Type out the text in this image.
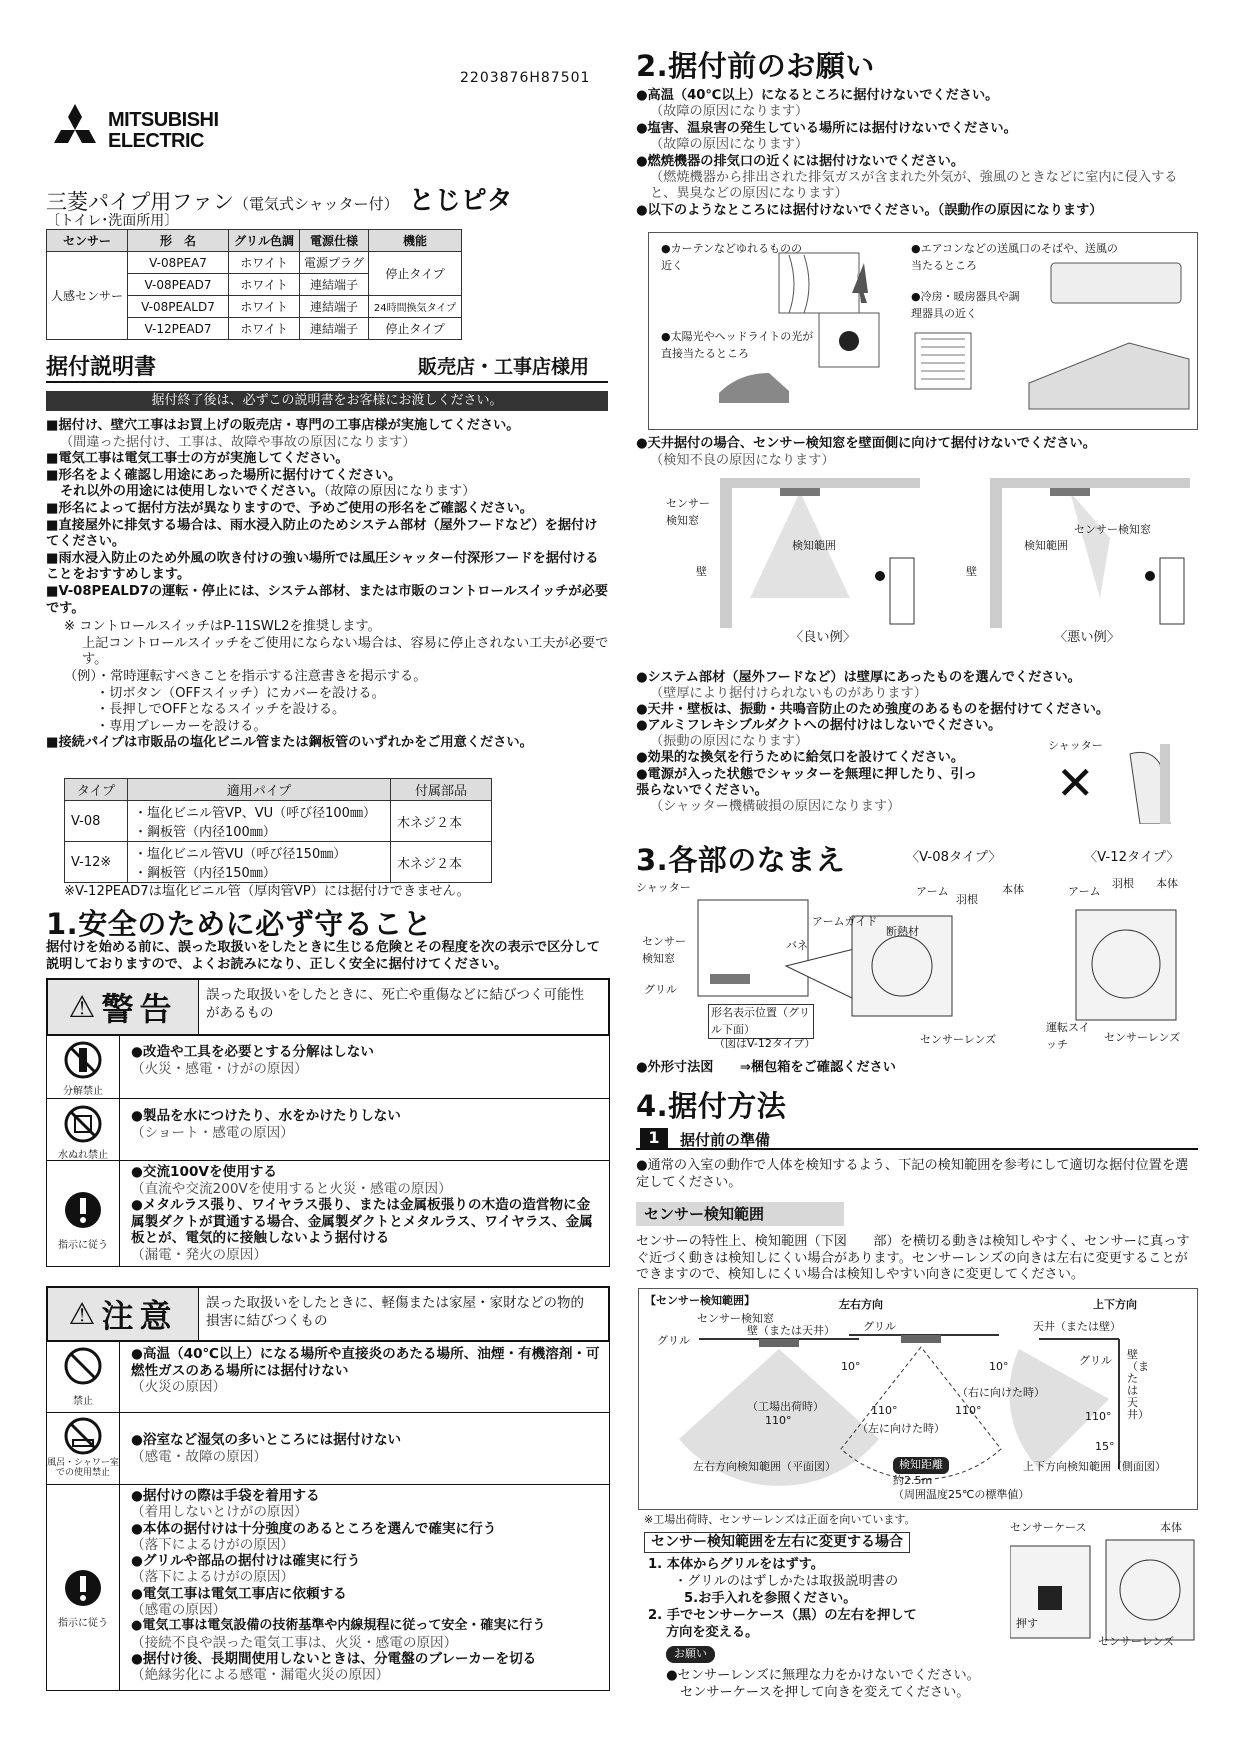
2203876H87501
MITSUBISHI
ELECTRIC
三菱パイプ用ファン（電気式シャッター付） とじピタ
〔トイレ･洗面所用〕
センサー	形　名	グリル色調	電源仕様	機能
人感センサー	V-08PEA7	ホワイト	電源プラグ	停止タイプ
	V-08PEAD7	ホワイト	連結端子	
	V-08PEALD7	ホワイト	連結端子	24時間換気タイプ
	V-12PEAD7	ホワイト	連結端子	停止タイプ
据付説明書	販売店・工事店様用
据付終了後は、必ずこの説明書をお客様にお渡しください。
■据付け、壁穴工事はお買上げの販売店・専門の工事店様が実施してください。
（間違った据付け、工事は、故障や事故の原因になります）
■電気工事は電気工事士の方が実施してください。
■形名をよく確認し用途にあった場所に据付けてください。
それ以外の用途には使用しないでください。（故障の原因になります）
■形名によって据付方法が異なりますので、予めご使用の形名をご確認ください。
■直接屋外に排気する場合は、雨水浸入防止のためシステム部材（屋外フードなど）を据付けてください。
■雨水浸入防止のため外風の吹き付けの強い場所では風圧シャッター付深形フードを据付けることをおすすめします。
■V-08PEALD7の運転・停止には、システム部材、または市販のコントロールスイッチが必要です。
※ コントロールスイッチはP-11SWL2を推奨します。
上記コントロールスイッチをご使用にならない場合は、容易に停止されない工夫が必要です。
（例）・常時運転すべきことを指示する注意書きを掲示する。
・切ボタン（OFFスイッチ）にカバーを設ける。
・長押しでOFFとなるスイッチを設ける。
・専用ブレーカーを設ける。
■接続パイプは市販品の塩化ビニル管または鋼板管のいずれかをご用意ください。
タイプ	適用パイプ	付属部品
V-08	・塩化ビニル管VP、VU（呼び径100㎜）
・鋼板管（内径100㎜）	木ネジ２本
V-12※	・塩化ビニル管VU（呼び径150㎜）
・鋼板管（内径150㎜）	木ネジ２本
※V-12PEAD7は塩化ビニル管（厚肉管VP）には据付けできません。
1.安全のために必ず守ること
据付けを始める前に、誤った取扱いをしたときに生じる危険とその程度を次の表示で区分して説明しておりますので、よくお読みになり、正しく安全に据付けてください。
⚠ 警告 誤った取扱いをしたときに、死亡や重傷などに結びつく可能性があるもの
分解禁止
●改造や工具を必要とする分解はしない
（火災・感電・けがの原因）
水ぬれ禁止
●製品を水につけたり、水をかけたりしない
（ショート・感電の原因）
指示に従う
●交流100Vを使用する
（直流や交流200Vを使用すると火災・感電の原因）
●メタルラス張り、ワイヤラス張り、または金属板張りの木造の造営物に金属製ダクトが貫通する場合、金属製ダクトとメタルラス、ワイヤラス、金属板とが、電気的に接触しないよう据付ける
（漏電・発火の原因）
⚠ 注意 誤った取扱いをしたときに、軽傷または家屋・家財などの物的損害に結びつくもの
禁止
●高温（40℃以上）になる場所や直接炎のあたる場所、油煙・有機溶剤・可燃性ガスのある場所には据付けない
（火災の原因）
風呂・シャワー室での使用禁止
●浴室など湿気の多いところには据付けない
（感電・故障の原因）
指示に従う
●据付けの際は手袋を着用する
（着用しないとけがの原因）
●本体の据付けは十分強度のあるところを選んで確実に行う
（落下によるけがの原因）
●グリルや部品の据付けは確実に行う
（落下によるけがの原因）
●電気工事は電気工事店に依頼する
（感電の原因）
●電気工事は電気設備の技術基準や内線規程に従って安全・確実に行う
（接続不良や誤った電気工事は、火災・感電の原因）
●据付け後、長期間使用しないときは、分電盤のブレーカーを切る
（絶縁劣化による感電・漏電火災の原因）
2.据付前のお願い
●高温（40℃以上）になるところに据付けないでください。
（故障の原因になります）
●塩害、温泉害の発生している場所には据付けないでください。
（故障の原因になります）
●燃焼機器の排気口の近くには据付けないでください。
（燃焼機器から排出された排気ガスが含まれた外気が、強風のときなどに室内に侵入すると、異臭などの原因になります）
●以下のようなところには据付けないでください。（誤動作の原因になります）
●カーテンなどゆれるものの近く
●エアコンなどの送風口のそばや、送風の当たるところ
●冷房・暖房器具や調理器具の近く
●太陽光やヘッドライトの光が直接当たるところ
●天井据付の場合、センサー検知窓を壁面側に向けて据付けないでください。
（検知不良の原因になります）
センサー検知窓
検知範囲
壁
センサー検知窓
検知範囲
壁
〈良い例〉	〈悪い例〉
●システム部材（屋外フードなど）は壁厚にあったものを選んでください。
（壁厚により据付けられないものがあります）
●天井・壁板は、振動・共鳴音防止のため強度のあるものを据付けてください。
●アルミフレキシブルダクトへの据付けはしないでください。
（振動の原因になります）
●効果的な換気を行うために給気口を設けてください。
●電源が入った状態でシャッターを無理に押したり、引っ張らないでください。
（シャッター機構破損の原因になります）
シャッター
✕
3.各部のなまえ	〈V-08タイプ〉	〈V-12タイプ〉
シャッター
センサー検知窓
グリル
形名表示位置（グリル下面）
（図はV-12タイプ）
アームガイド
断熱材
バネ
アーム
羽根
本体
センサーレンズ
アーム
羽根 本体
運転スイッチ
センサーレンズ
●外形寸法図　　⇒梱包箱をご確認ください
4.据付方法
1	据付前の準備
●通常の入室の動作で人体を検知するよう、下記の検知範囲を参考にして適切な据付位置を選定してください。
センサー検知範囲
センサーの特性上、検知範囲（下図　　部）を横切る動きは検知しやすく、センサーに真っすぐ近づく動きは検知しにくい場合があります。センサーレンズの向きは左右に変更することができますので、検知しにくい場合は検知しやすい向きに変更してください。
【センサー検知範囲】	左右方向	上下方向
センサー検知窓
壁（または天井）
グリル
（工場出荷時）
110°
左右方向検知範囲（平面図）
グリル
10°	10°
110°	110°
（左に向けた時）
（右に向けた時）
検知距離
約2.5m
（周囲温度25℃の標準値）
天井（または壁）
グリル 壁（または天井）
110°
15°
上下方向検知範囲（側面図）
※工場出荷時、センサーレンズは正面を向いています。
センサー検知範囲を左右に変更する場合
1. 本体からグリルをはずす。
・グリルのはずしかたは取扱説明書の
5.お手入れを参照ください。
2. 手でセンサーケース（黒）の左右を押して
方向を変える。
お願い
●センサーレンズに無理な力をかけないでください。
センサーケースを押して向きを変えてください。
センサーケース	本体
押す
センサーレンズ
